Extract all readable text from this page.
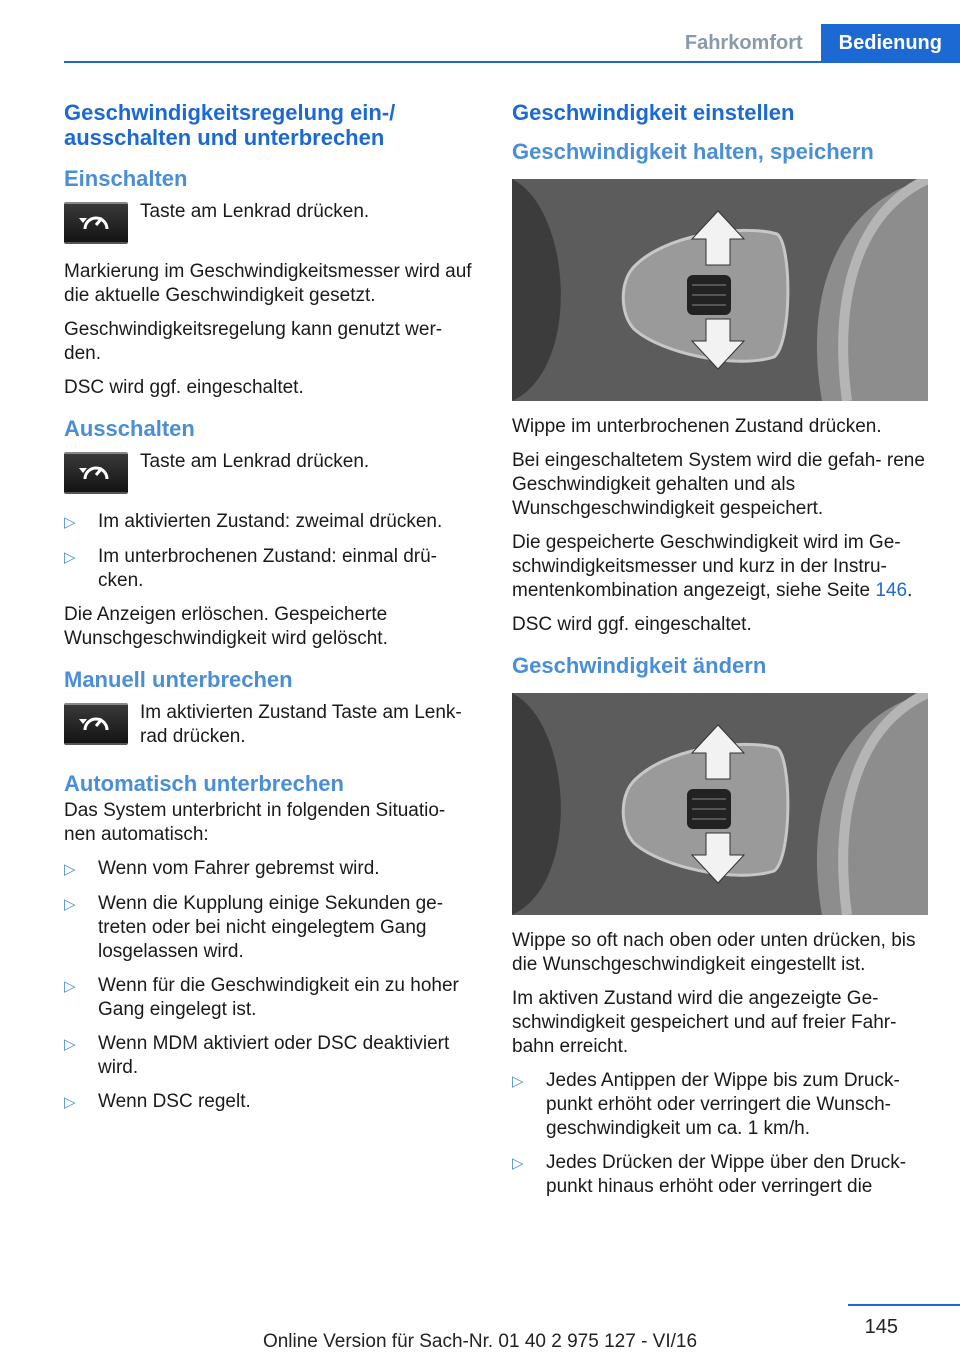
Fahrkomfort	Bedienung
Geschwindigkeitsregelung ein-/ ausschalten und unterbrechen
Einschalten

Taste am Lenkrad drücken.

Markierung im Geschwindigkeitsmesser wird auf die aktuelle Geschwindigkeit gesetzt.

Geschwindigkeitsregelung kann genutzt wer‐ den.

DSC wird ggf. eingeschaltet.

Ausschalten

Taste am Lenkrad drücken.

▷	Im aktivierten Zustand: zweimal drücken.
▷	Im unterbrochenen Zustand: einmal drü‐ cken.

Die Anzeigen erlöschen. Gespeicherte Wunschgeschwindigkeit wird gelöscht.

Manuell unterbrechen

Im aktivierten Zustand Taste am Lenk‐ rad drücken.

Automatisch unterbrechen

Das System unterbricht in folgenden Situatio‐ nen automatisch:

▷	Wenn vom Fahrer gebremst wird.
▷	Wenn die Kupplung einige Sekunden ge‐ treten oder bei nicht eingelegtem Gang losgelassen wird.
▷	Wenn für die Geschwindigkeit ein zu hoher Gang eingelegt ist.
▷	Wenn MDM aktiviert oder DSC deaktiviert wird.
▷	Wenn DSC regelt.
Geschwindigkeit einstellen
Geschwindigkeit halten, speichern

Wippe im unterbrochenen Zustand drücken.

Bei eingeschaltetem System wird die gefah‐ rene Geschwindigkeit gehalten und als Wunschgeschwindigkeit gespeichert.

Die gespeicherte Geschwindigkeit wird im Ge‐ schwindigkeitsmesser und kurz in der Instru‐ mentenkombination angezeigt, siehe Seite 146.

DSC wird ggf. eingeschaltet.

Geschwindigkeit ändern

Wippe so oft nach oben oder unten drücken, bis die Wunschgeschwindigkeit eingestellt ist.

Im aktiven Zustand wird die angezeigte Ge‐ schwindigkeit gespeichert und auf freier Fahr‐ bahn erreicht.

▷	Jedes Antippen der Wippe bis zum Druck‐ punkt erhöht oder verringert die Wunsch‐ geschwindigkeit um ca. 1 km/h.
▷	Jedes Drücken der Wippe über den Druck‐ punkt hinaus erhöht oder verringert die
145
Online Version für Sach-Nr. 01 40 2 975 127 - VI/16
